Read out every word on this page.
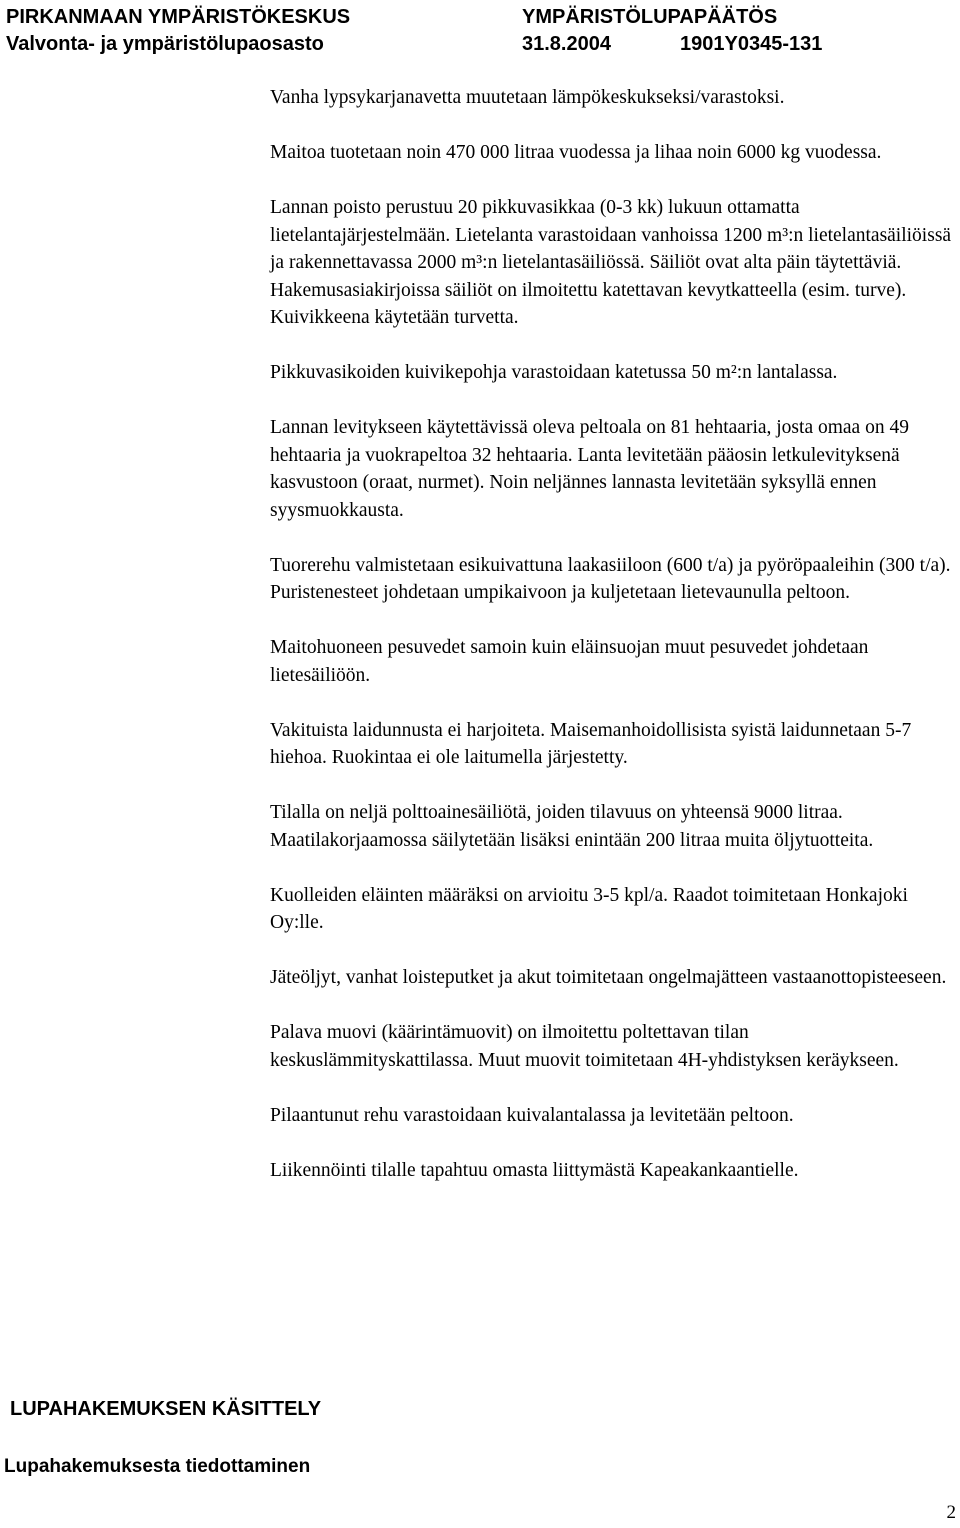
PIRKANMAAN YMPÄRISTÖKESKUS	YMPÄRISTÖLUPAPÄÄTÖS
Valvonta- ja ympäristölupaosasto	31.8.2004	1901Y0345-131

Vanha lypsykarjanavetta muutetaan lämpökeskukseksi/varastoksi.

Maitoa tuotetaan noin 470 000 litraa vuodessa ja lihaa noin 6000 kg vuodessa.

Lannan poisto perustuu 20 pikkuvasikkaa (0-3 kk) lukuun ottamatta lietelantajärjestelmään. Lietelanta varastoidaan vanhoissa 1200 m³:n lietelantasäiliöissä ja rakennettavassa 2000 m³:n lietelantasäiliössä. Säiliöt ovat alta päin täytettäviä. Hakemusasiakirjoissa säiliöt on ilmoitettu katettavan kevytkatteella (esim. turve). Kuivikkeena käytetään turvetta.

Pikkuvasikoiden kuivikepohja varastoidaan katetussa 50 m²:n lantalassa.

Lannan levitykseen käytettävissä oleva peltoala on 81 hehtaaria, josta omaa on 49 hehtaaria ja vuokrapeltoa 32 hehtaaria. Lanta levitetään pääosin letkulevityksenä kasvustoon (oraat, nurmet). Noin neljännes lannasta levitetään syksyllä ennen syysmuokkausta.

Tuorerehu valmistetaan esikuivattuna laakasiiloon (600 t/a) ja pyöröpaaleihin (300 t/a). Puristenesteet johdetaan umpikaivoon ja kuljetetaan lietevaunulla peltoon.

Maitohuoneen pesuvedet samoin kuin eläinsuojan muut pesuvedet johdetaan lietesäiliöön.

Vakituista laidunnusta ei harjoiteta. Maisemanhoidollisista syistä laidunnetaan 5-7 hiehoa. Ruokintaa ei ole laitumella järjestetty.

Tilalla on neljä polttoainesäiliötä, joiden tilavuus on yhteensä 9000 litraa. Maatilakorjaamossa säilytetään lisäksi enintään 200 litraa muita öljytuotteita.

Kuolleiden eläinten määräksi on arvioitu 3-5 kpl/a. Raadot toimitetaan Honkajoki Oy:lle.

Jäteöljyt, vanhat loisteputket ja akut toimitetaan ongelmajätteen vastaanottopisteeseen.

Palava muovi (käärintämuovit) on ilmoitettu poltettavan tilan keskuslämmityskattilassa. Muut muovit toimitetaan 4H-yhdistyksen keräykseen.

Pilaantunut rehu varastoidaan kuivalantalassa ja levitetään peltoon.

Liikennöinti tilalle tapahtuu omasta liittymästä Kapeakankaantielle.

LUPAHAKEMUKSEN KÄSITTELY
Lupahakemuksesta tiedottaminen
2
